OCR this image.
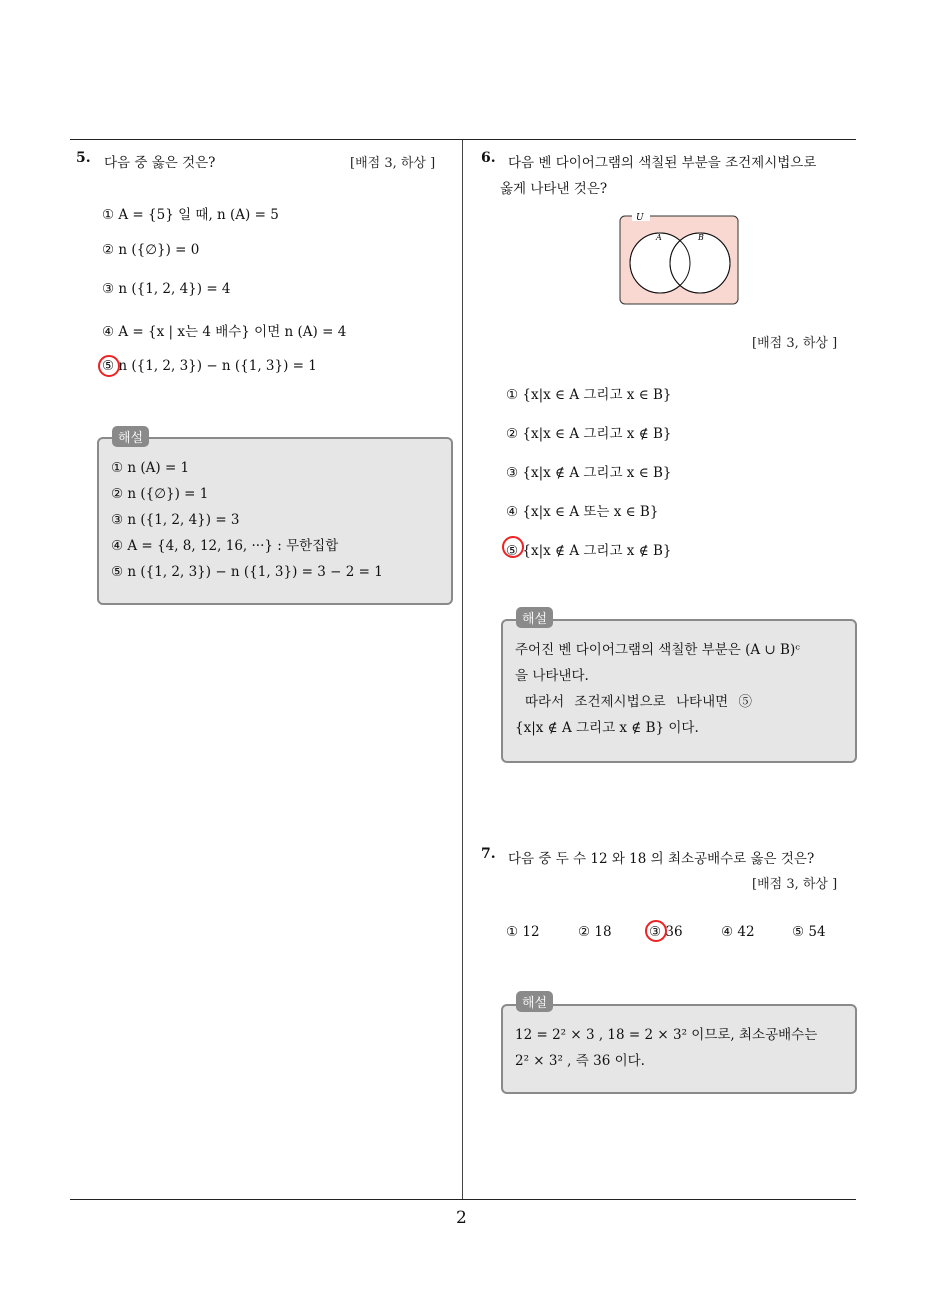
2
5. 다음 중 옳은 것은?	[배점 3, 하상 ]
① A = {5} 일 때, n (A) = 5
② n ({∅}) = 0
③ n ({1, 2, 4}) = 4
④ A = {x | x는 4 배수} 이면 n (A) = 4
⑤ n ({1, 2, 3}) − n ({1, 3}) = 1
① n (A) = 1
② n ({∅}) = 1
③ n ({1, 2, 4}) = 3
④ A = {4, 8, 12, 16, ···} : 무한집합
⑤ n ({1, 2, 3}) − n ({1, 3}) = 3 − 2 = 1
해설
6. 다음 벤 다이어그램의 색칠된 부분을 조건제시법으로
옳게 나타낸 것은?
U
A	B
[배점 3, 하상 ]
① {x|x ∈ A 그리고 x ∈ B}
② {x|x ∈ A 그리고 x ∉ B}
③ {x|x ∉ A 그리고 x ∈ B}
④ {x|x ∈ A 또는 x ∈ B}
⑤ {x|x ∉ A 그리고 x ∉ B}
주어진 벤 다이어그램의 색칠한 부분은 (A ∪ B)ᶜ
을 나타낸다.
따라서 조건제시법으로 나타내면 ⑤
{x|x ∉ A 그리고 x ∉ B} 이다.
해설
7. 다음 중 두 수 12 와 18 의 최소공배수로 옳은 것은?
[배점 3, 하상 ]
① 12	② 18	③ 36	④ 42	⑤ 54
12 = 2² × 3 , 18 = 2 × 3² 이므로, 최소공배수는
2² × 3² , 즉 36 이다.
해설
